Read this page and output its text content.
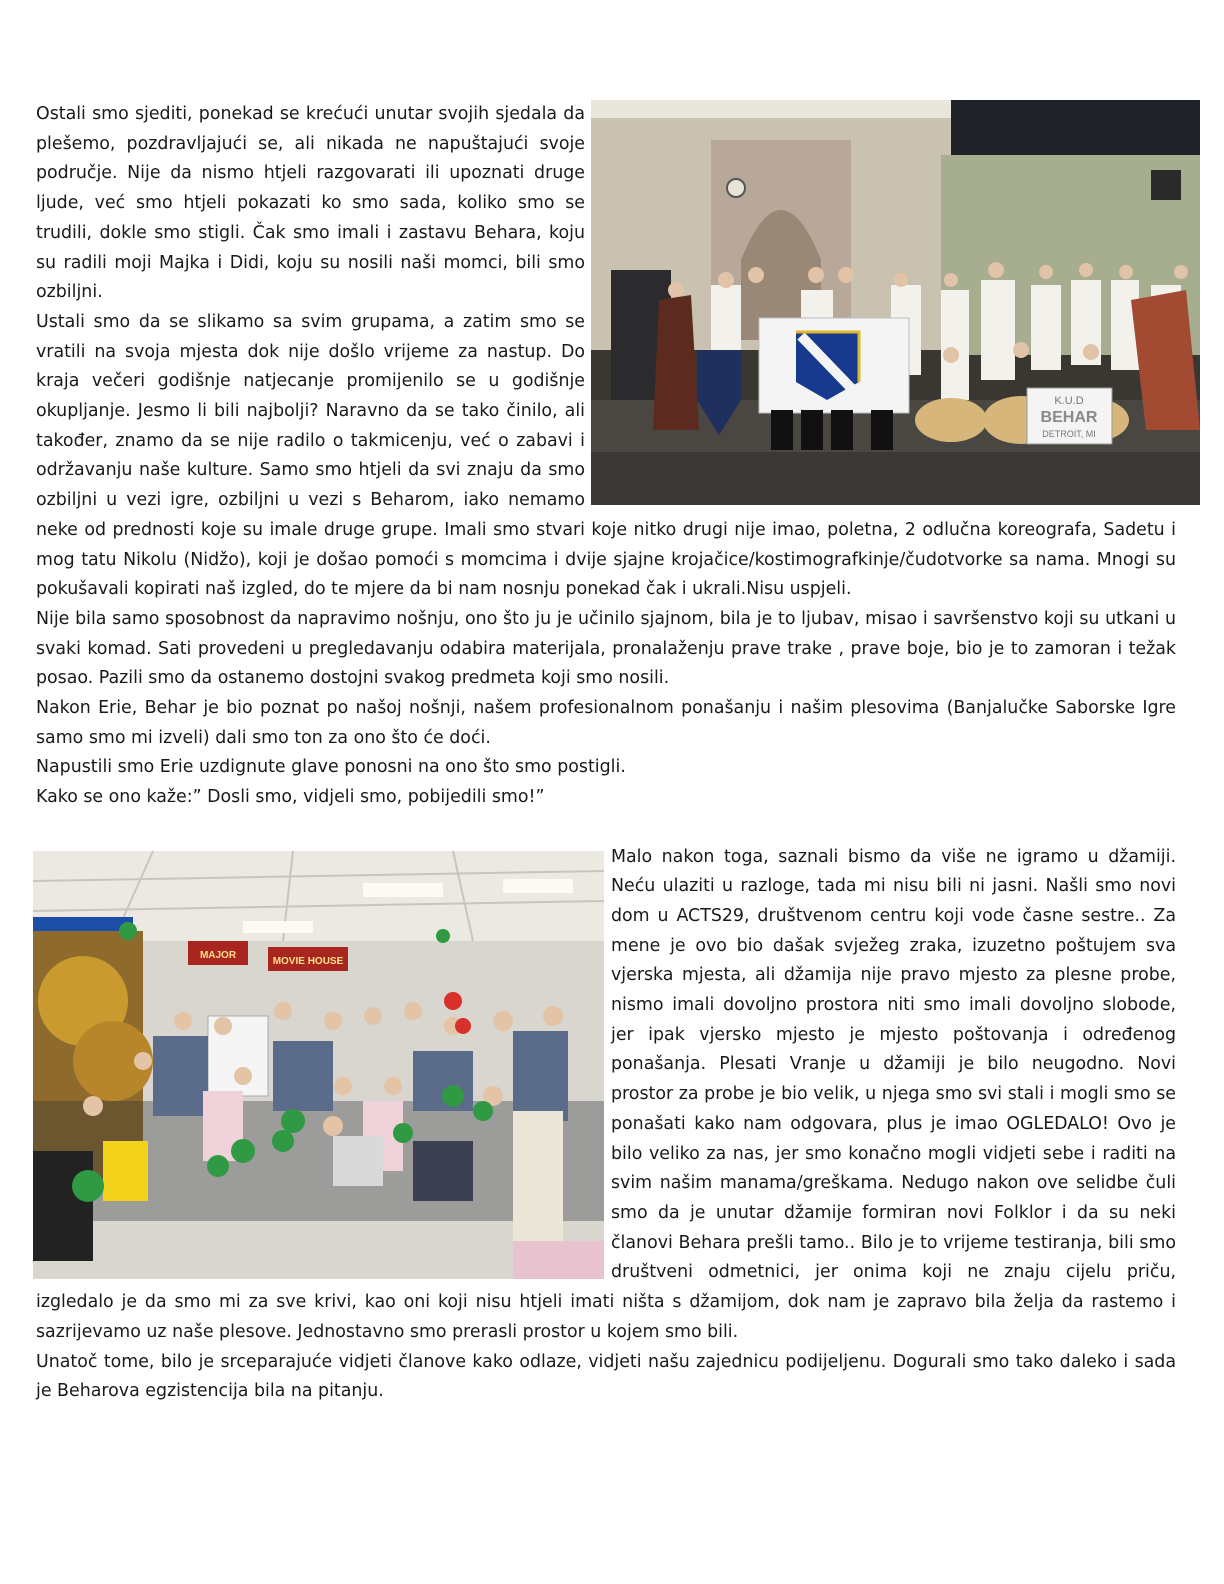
K.U.D
BEHAR
DETROIT, MI

Ostali smo sjediti, ponekad se krećući unutar svojih sjedala da plešemo, pozdravljajući se, ali nikada ne napuštajući svoje područje. Nije da nismo htjeli razgovarati ili upoznati druge ljude, već smo htjeli pokazati ko smo sada, koliko smo se trudili, dokle smo stigli. Čak smo imali i zastavu Behara, koju su radili moji Majka i Didi, koju su nosili naši momci, bili smo ozbiljni.

Ustali smo da se slikamo sa svim grupama, a zatim smo se vratili na svoja mjesta dok nije došlo vrijeme za nastup. Do kraja večeri godišnje natjecanje promijenilo se u godišnje okupljanje. Jesmo li bili najbolji? Naravno da se tako činilo, ali također, znamo da se nije radilo o takmicenju, već o zabavi i održavanju naše kulture. Samo smo htjeli da svi znaju da smo ozbiljni u vezi igre, ozbiljni u vezi s Beharom, iako nemamo neke od prednosti koje su imale druge grupe. Imali smo stvari koje nitko drugi nije imao, poletna, 2 odlučna koreografa, Sadetu i mog tatu Nikolu (Nidžo), koji je došao pomoći s momcima i dvije sjajne krojačice/kostimografkinje/čudotvorke sa nama. Mnogi su pokušavali kopirati naš izgled, do te mjere da bi nam nosnju ponekad čak i ukrali.Nisu uspjeli.

Nije bila samo sposobnost da napravimo nošnju, ono što ju je učinilo sjajnom, bila je to ljubav, misao i savršenstvo koji su utkani u svaki komad. Sati provedeni u pregledavanju odabira materijala, pronalaženju prave trake , prave boje, bio je to zamoran i težak posao. Pazili smo da ostanemo dostojni svakog predmeta koji smo nosili.

Nakon Erie, Behar je bio poznat po našoj nošnji, našem profesionalnom ponašanju i našim plesovima (Banjalučke Saborske Igre samo smo mi izveli) dali smo ton za ono što će doći.

Napustili smo Erie uzdignute glave ponosni na ono što smo postigli.

Kako se ono kaže:” Dosli smo, vidjeli smo, pobijedili smo!”

MAJOR
MOVIE HOUSE

Malo nakon toga, saznali bismo da više ne igramo u džamiji. Neću ulaziti u razloge, tada mi nisu bili ni jasni. Našli smo novi dom u ACTS29, društvenom centru koji vode časne sestre.. Za mene je ovo bio dašak svježeg zraka, izuzetno poštujem sva vjerska mjesta, ali džamija nije pravo mjesto za plesne probe, nismo imali dovoljno prostora niti smo imali dovoljno slobode, jer ipak vjersko mjesto je mjesto poštovanja i određenog ponašanja. Plesati Vranje u džamiji je bilo neugodno. Novi prostor za probe je bio velik, u njega smo svi stali i mogli smo se ponašati kako nam odgovara, plus je imao OGLEDALO! Ovo je bilo veliko za nas, jer smo konačno mogli vidjeti sebe i raditi na svim našim manama/greškama. Nedugo nakon ove selidbe čuli smo da je unutar džamije formiran novi Folklor i da su neki članovi Behara prešli tamo.. Bilo je to vrijeme testiranja, bili smo društveni odmetnici, jer onima koji ne znaju cijelu priču, izgledalo je da smo mi za sve krivi, kao oni koji nisu htjeli imati ništa s džamijom, dok nam je zapravo bila želja da rastemo i sazrijevamo uz naše plesove. Jednostavno smo prerasli prostor u kojem smo bili.

Unatoč tome, bilo je srceparajuće vidjeti članove kako odlaze, vidjeti našu zajednicu podijeljenu. Dogurali smo tako daleko i sada je Beharova egzistencija bila na pitanju.
